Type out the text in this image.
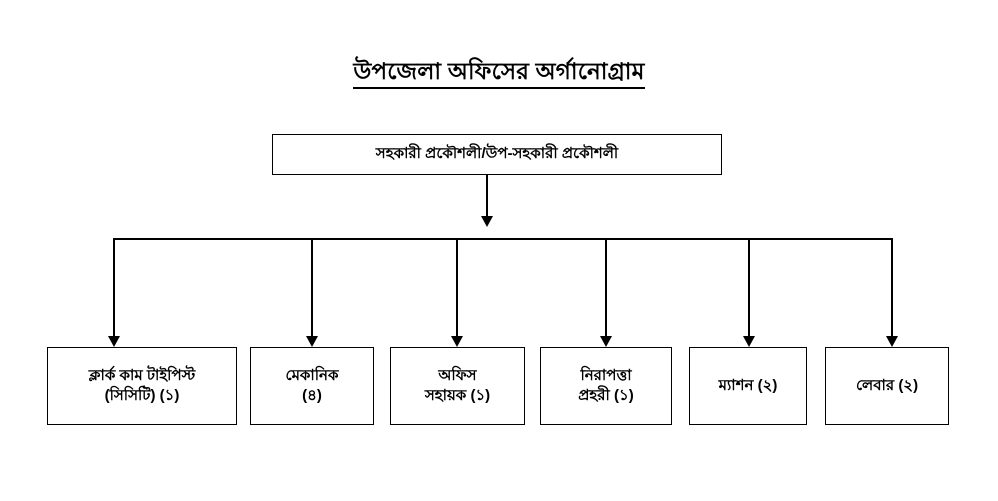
উপজেলা অফিসের অর্গানোগ্রাম
সহকারী প্রকৌশলী/উপ-সহকারী প্রকৌশলী
ক্লার্ক কাম টাইপিস্ট
(সিসিটি) (১)
মেকানিক
(৪)
অফিস
সহায়ক (১)
নিরাপত্তা
প্রহরী (১)
ম্যাশন (২)	লেবার (২)
